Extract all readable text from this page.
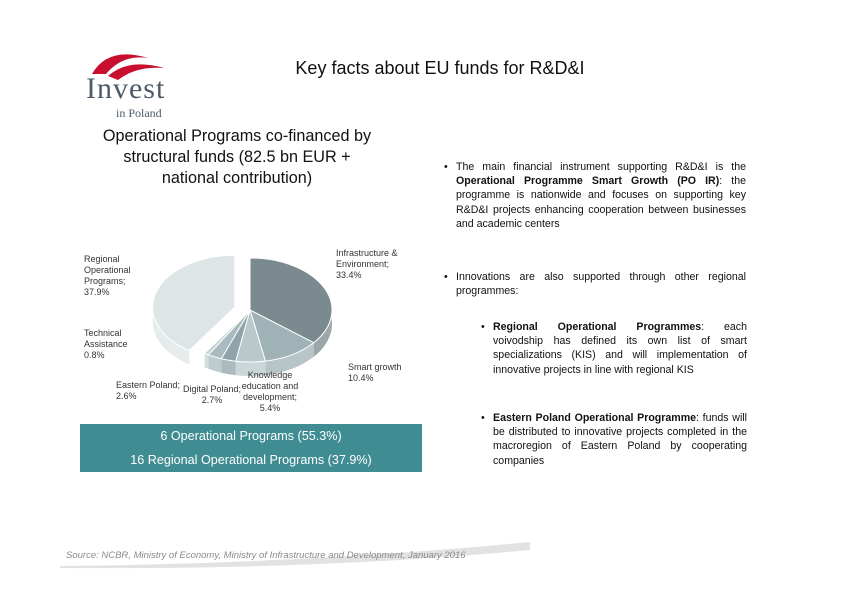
Invest
in Poland
Key facts about EU funds for R&D&I
Operational Programs co-financed by structural funds (82.5 bn EUR + national contribution)
Infrastructure & Environment; 33.4%
Smart growth 10.4%
Knowledge education and development; 5.4%
Digital Poland; 2.7%
Eastern Poland; 2.6%
Technical Assistance 0.8%
Regional Operational Programs; 37.9%
6 Operational Programs (55.3%)
16 Regional Operational Programs (37.9%)
• The main financial instrument supporting R&D&I is the Operational Programme Smart Growth (PO IR): the programme is nationwide and focuses on supporting key R&D&I projects enhancing cooperation between businesses and academic centers
• Innovations are also supported through other regional programmes:
• Regional Operational Programmes: each voivodship has defined its own list of smart specializations (KIS) and will implementation of innovative projects in line with regional KIS
• Eastern Poland Operational Programme: funds will be distributed to innovative projects completed in the macroregion of Eastern Poland by cooperating companies
Source: NCBR, Ministry of Economy, Ministry of Infrastructure and Development, January 2016
